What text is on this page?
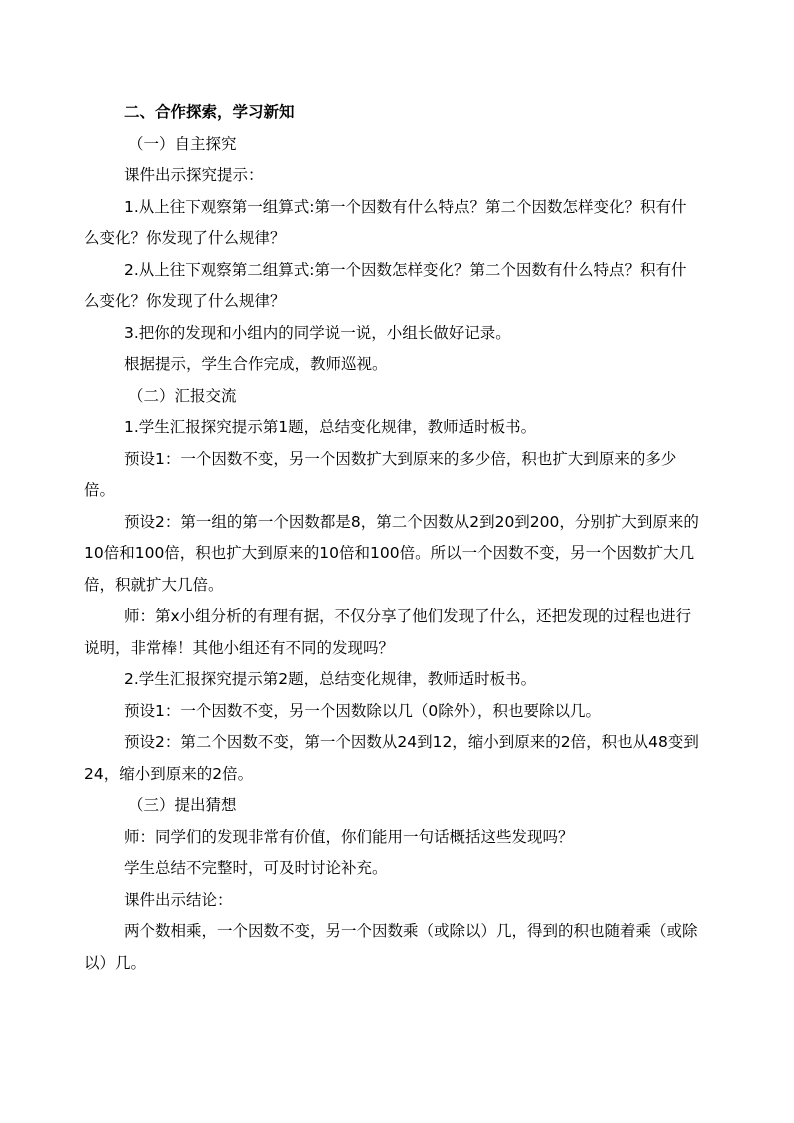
二、合作探索，学习新知

（一）自主探究

课件出示探究提示：

1.从上往下观察第一组算式:第一个因数有什么特点？第二个因数怎样变化？积有什么变化？你发现了什么规律？

2.从上往下观察第二组算式:第一个因数怎样变化？第二个因数有什么特点？积有什么变化？你发现了什么规律？

3.把你的发现和小组内的同学说一说，小组长做好记录。

根据提示，学生合作完成，教师巡视。

（二）汇报交流

1.学生汇报探究提示第1题，总结变化规律，教师适时板书。

预设1：一个因数不变，另一个因数扩大到原来的多少倍，积也扩大到原来的多少倍。

预设2：第一组的第一个因数都是8，第二个因数从2到20到200，分别扩大到原来的10倍和100倍，积也扩大到原来的10倍和100倍。所以一个因数不变，另一个因数扩大几倍，积就扩大几倍。

师：第x小组分析的有理有据，不仅分享了他们发现了什么，还把发现的过程也进行说明，非常棒！其他小组还有不同的发现吗？

2.学生汇报探究提示第2题，总结变化规律，教师适时板书。

预设1：一个因数不变，另一个因数除以几（0除外），积也要除以几。

预设2：第二个因数不变，第一个因数从24到12，缩小到原来的2倍，积也从48变到24，缩小到原来的2倍。

（三）提出猜想

师：同学们的发现非常有价值，你们能用一句话概括这些发现吗？

学生总结不完整时，可及时讨论补充。

课件出示结论：

两个数相乘，一个因数不变，另一个因数乘（或除以）几，得到的积也随着乘（或除以）几。
